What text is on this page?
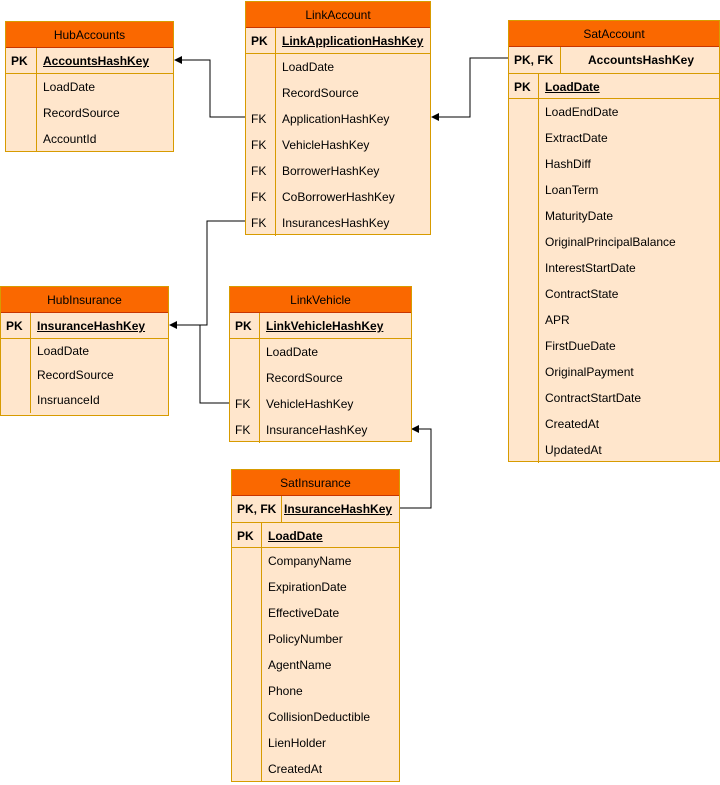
HubAccounts
PK	AccountsHashKey
LoadDate
RecordSource
AccountId
LinkAccount
PK	LinkApplicationHashKey
LoadDate
RecordSource
FK	ApplicationHashKey
FK	VehicleHashKey
FK	BorrowerHashKey
FK	CoBorrowerHashKey
FK	InsurancesHashKey
SatAccount
PK, FK	AccountsHashKey
PK	LoadDate
LoadEndDate
ExtractDate
HashDiff
LoanTerm
MaturityDate
OriginalPrincipalBalance
InterestStartDate
ContractState
APR
FirstDueDate
OriginalPayment
ContractStartDate
CreatedAt
UpdatedAt
HubInsurance
PK	InsuranceHashKey
LoadDate
RecordSource
InsruanceId
LinkVehicle
PK	LinkVehicleHashKey
LoadDate
RecordSource
FK	VehicleHashKey
FK	InsuranceHashKey
SatInsurance
PK, FK InsuranceHashKey
PK	LoadDate
CompanyName
ExpirationDate
EffectiveDate
PolicyNumber
AgentName
Phone
CollisionDeductible
LienHolder
CreatedAt
